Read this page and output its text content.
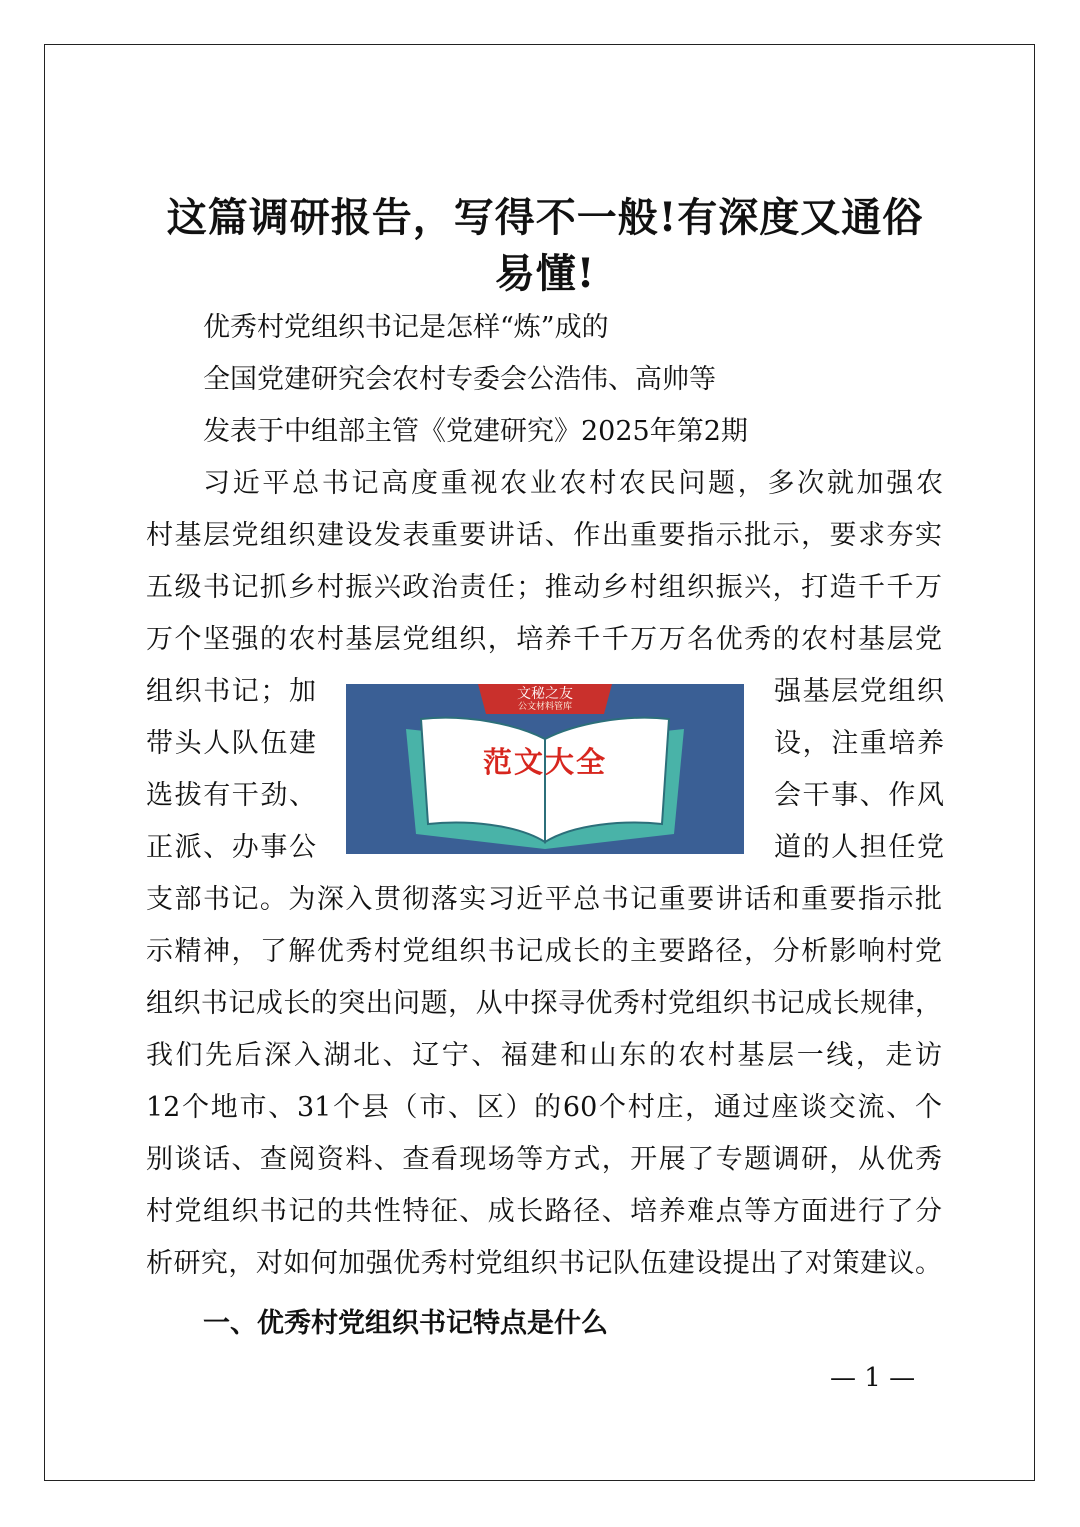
这篇调研报告，写得不一般!有深度又通俗易懂!

优秀村党组织书记是怎样“炼”成的

全国党建研究会农村专委会公浩伟、高帅等

发表于中组部主管《党建研究》2025年第2期

习近平总书记高度重视农业农村农民问题，多次就加强农

村基层党组织建设发表重要讲话、作出重要指示批示，要求夯实

五级书记抓乡村振兴政治责任；推动乡村组织振兴，打造千千万

万个坚强的农村基层党组织，培养千千万万名优秀的农村基层党

组织书记；加	强基层党组织

带头人队伍建	设，注重培养

选拔有干劲、	会干事、作风

正派、办事公	道的人担任党

支部书记。为深入贯彻落实习近平总书记重要讲话和重要指示批

示精神，了解优秀村党组织书记成长的主要路径，分析影响村党

组织书记成长的突出问题，从中探寻优秀村党组织书记成长规律，

我们先后深入湖北、辽宁、福建和山东的农村基层一线，走访

12个地市、31个县（市、区）的60个村庄，通过座谈交流、个

别谈话、查阅资料、查看现场等方式，开展了专题调研，从优秀

村党组织书记的共性特征、成长路径、培养难点等方面进行了分

析研究，对如何加强优秀村党组织书记队伍建设提出了对策建议。

一、优秀村党组织书记特点是什么

— 1 —
文秘之友
公文材料管库
范文大全
